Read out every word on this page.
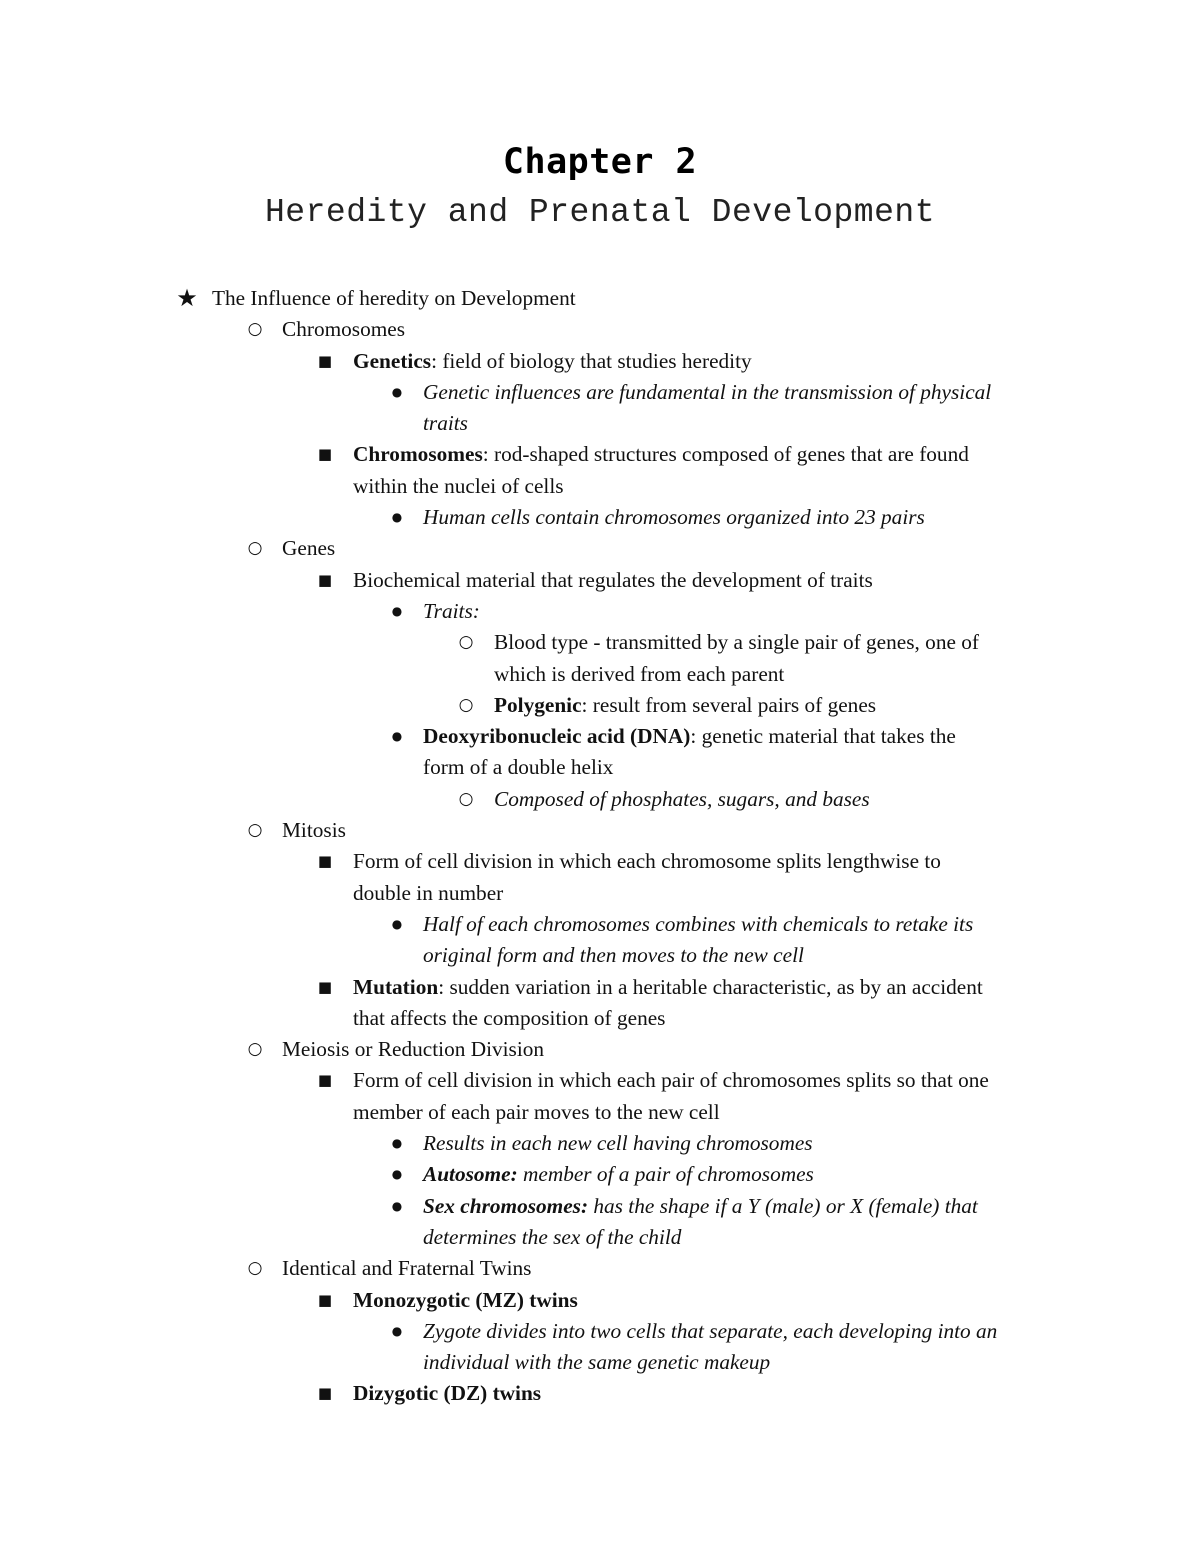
Chapter 2
Heredity and Prenatal Development
★ The Influence of heredity on Development
○ Chromosomes
■ Genetics: field of biology that studies heredity
● Genetic influences are fundamental in the transmission of physical
traits
■ Chromosomes: rod-shaped structures composed of genes that are found
within the nuclei of cells
● Human cells contain chromosomes organized into 23 pairs
○ Genes
■ Biochemical material that regulates the development of traits
● Traits:
○ Blood type - transmitted by a single pair of genes, one of
which is derived from each parent
○ Polygenic: result from several pairs of genes
● Deoxyribonucleic acid (DNA): genetic material that takes the
form of a double helix
○ Composed of phosphates, sugars, and bases
○ Mitosis
■ Form of cell division in which each chromosome splits lengthwise to
double in number
● Half of each chromosomes combines with chemicals to retake its
original form and then moves to the new cell
■ Mutation: sudden variation in a heritable characteristic, as by an accident
that affects the composition of genes
○ Meiosis or Reduction Division
■ Form of cell division in which each pair of chromosomes splits so that one
member of each pair moves to the new cell
● Results in each new cell having chromosomes
● Autosome: member of a pair of chromosomes
● Sex chromosomes: has the shape if a Y (male) or X (female) that
determines the sex of the child
○ Identical and Fraternal Twins
■ Monozygotic (MZ) twins
● Zygote divides into two cells that separate, each developing into an
individual with the same genetic makeup
■ Dizygotic (DZ) twins
